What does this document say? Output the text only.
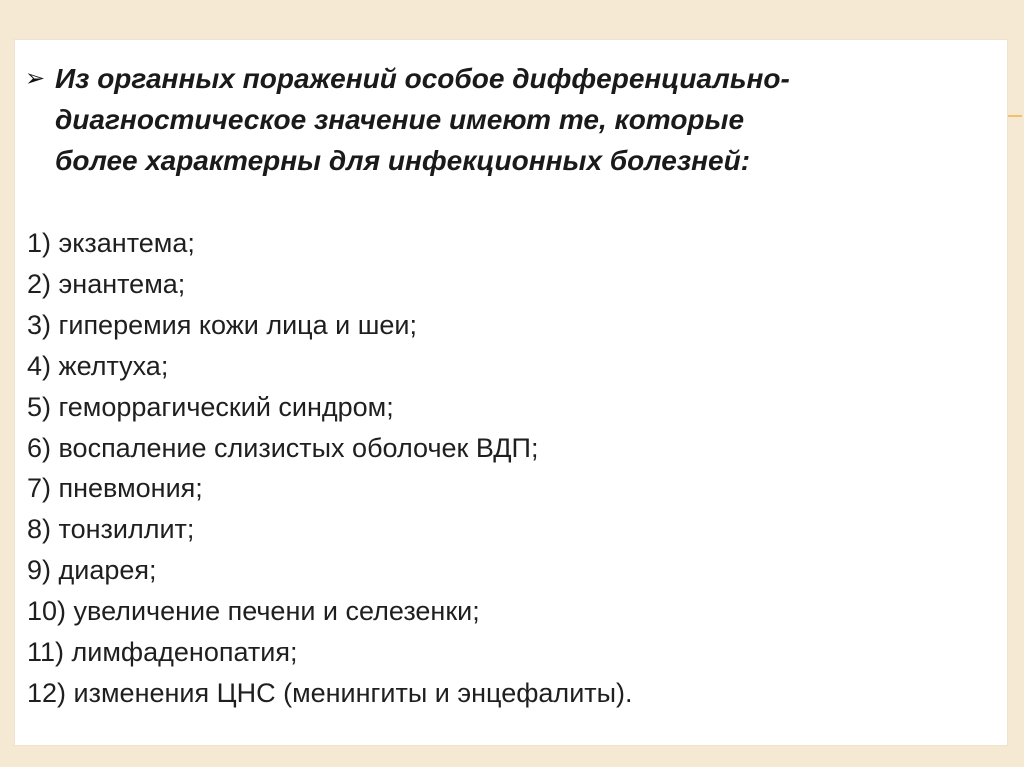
➢ Из органных поражений особое дифференциально-
диагностическое значение имеют те, которые
более характерны для инфекционных болезней:
1) экзантема;
2) энантема;
3) гиперемия кожи лица и шеи;
4) желтуха;
5) геморрагический синдром;
6) воспаление слизистых оболочек ВДП;
7) пневмония;
8) тонзиллит;
9) диарея;
10) увеличение печени и селезенки;
11) лимфаденопатия;
12) изменения ЦНС (менингиты и энцефалиты).
